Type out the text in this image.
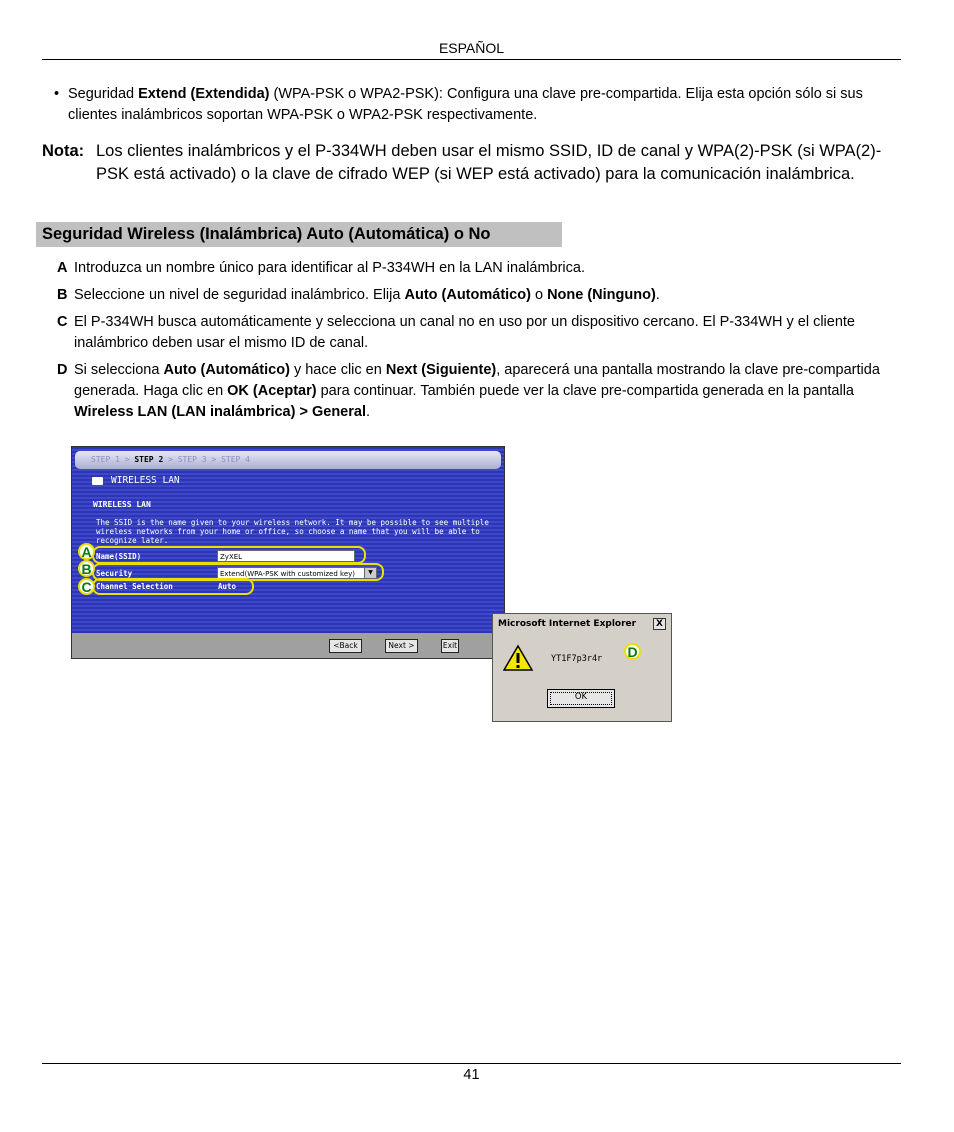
ESPAÑOL
• Seguridad Extend (Extendida) (WPA-PSK o WPA2-PSK): Configura una clave pre-compartida. Elija esta opción sólo si sus clientes inalámbricos soportan WPA-PSK o WPA2-PSK respectivamente.
Nota: Los clientes inalámbricos y el P-334WH deben usar el mismo SSID, ID de canal y WPA(2)-PSK (si WPA(2)-PSK está activado) o la clave de cifrado WEP (si WEP está activado) para la comunicación inalámbrica.
Seguridad Wireless (Inalámbrica) Auto (Automática) o No
A Introduzca un nombre único para identificar al P-334WH en la LAN inalámbrica.
B Seleccione un nivel de seguridad inalámbrico. Elija Auto (Automático) o None (Ninguno).
C El P-334WH busca automáticamente y selecciona un canal no en uso por un dispositivo cercano. El P-334WH y el cliente inalámbrico deben usar el mismo ID de canal.
D Si selecciona Auto (Automático) y hace clic en Next (Siguiente), aparecerá una pantalla mostrando la clave pre-compartida generada. Haga clic en OK (Aceptar) para continuar. También puede ver la clave pre-compartida generada en la pantalla Wireless LAN (LAN inalámbrica) > General.
STEP 1 > STEP 2 > STEP 3 > STEP 4
WIRELESS LAN
WIRELESS LAN
The SSID is the name given to your wireless network. It may be possible to see multiple wireless networks from your home or office, so choose a name that you will be able to recognize later.
Name(SSID)	ZyXEL
Security	Extend(WPA-PSK with customized key)	▼
Channel Selection	Auto
<Back	Next >	Exit
A
B
C
Microsoft Internet Explorer	X
YT1F7p3r4r
OK
D
41
